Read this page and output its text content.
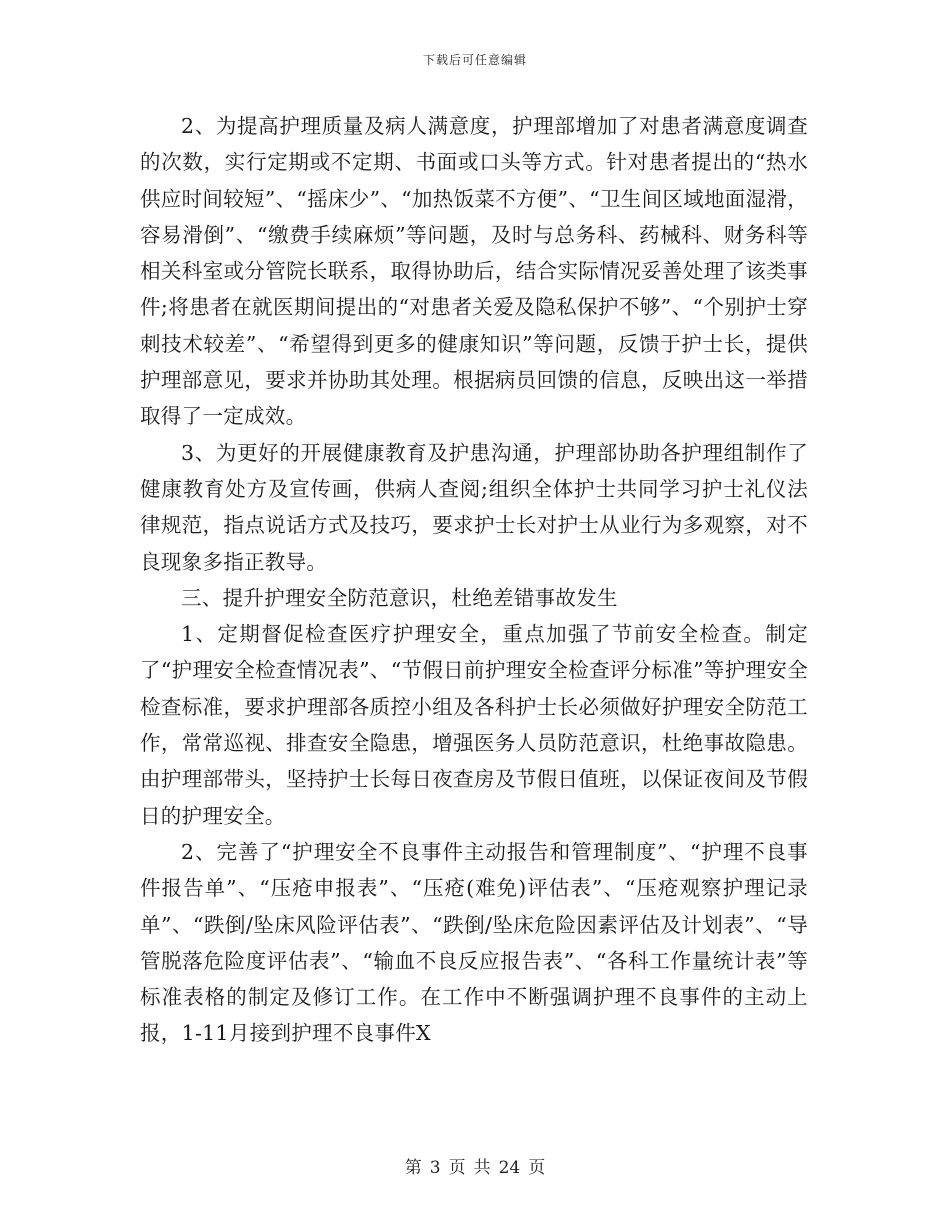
下载后可任意编辑

2、为提高护理质量及病人满意度，护理部增加了对患者满意度调查的次数，实行定期或不定期、书面或口头等方式。针对患者提出的“热水供应时间较短”、“摇床少”、“加热饭菜不方便”、“卫生间区域地面湿滑，容易滑倒”、“缴费手续麻烦”等问题，及时与总务科、药械科、财务科等相关科室或分管院长联系，取得协助后，结合实际情况妥善处理了该类事件;将患者在就医期间提出的“对患者关爱及隐私保护不够”、“个别护士穿刺技术较差”、“希望得到更多的健康知识”等问题，反馈于护士长，提供护理部意见，要求并协助其处理。根据病员回馈的信息，反映出这一举措取得了一定成效。

3、为更好的开展健康教育及护患沟通，护理部协助各护理组制作了健康教育处方及宣传画，供病人查阅;组织全体护士共同学习护士礼仪法律规范，指点说话方式及技巧，要求护士长对护士从业行为多观察，对不良现象多指正教导。

三、提升护理安全防范意识，杜绝差错事故发生

1、定期督促检查医疗护理安全，重点加强了节前安全检查。制定了“护理安全检查情况表”、“节假日前护理安全检查评分标准”等护理安全检查标准，要求护理部各质控小组及各科护士长必须做好护理安全防范工作，常常巡视、排查安全隐患，增强医务人员防范意识，杜绝事故隐患。由护理部带头，坚持护士长每日夜查房及节假日值班，以保证夜间及节假日的护理安全。

2、完善了“护理安全不良事件主动报告和管理制度”、“护理不良事件报告单”、“压疮申报表”、“压疮(难免)评估表”、“压疮观察护理记录单”、“跌倒/坠床风险评估表”、“跌倒/坠床危险因素评估及计划表”、“导管脱落危险度评估表”、“输血不良反应报告表”、“各科工作量统计表”等标准表格的制定及修订工作。在工作中不断强调护理不良事件的主动上报，1-11月接到护理不良事件X

第 3 页 共 24 页
